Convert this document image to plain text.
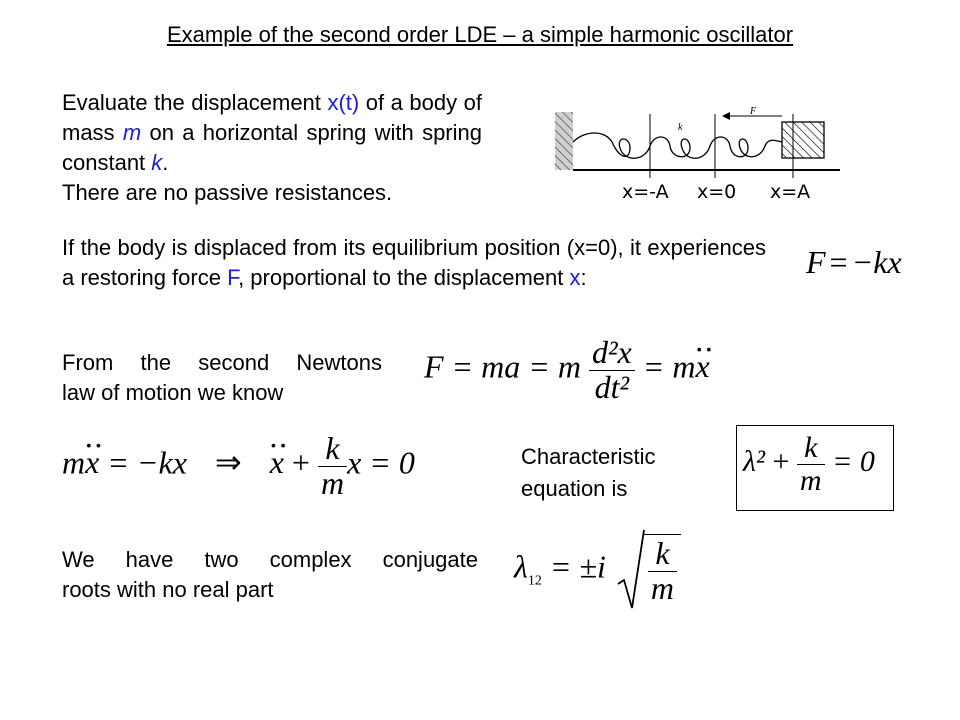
Example of the second order LDE – a simple harmonic oscillator
Evaluate the displacement x(t) of a body of mass m on a horizontal spring with spring constant k.
There are no passive resistances.
F
k
x=-A x=0 x=A
If the body is displaced from its equilibrium position (x=0), it experiences a restoring force F, proportional to the displacement x:	F = −kx
From the second Newtons
law of motion we know
F = ma = m $\frac{\text{d²x}}{\text{dt²}} = m\cdot\cdot x$
m·· x = −kx ⇒ ·· $x + \frac{k}{m}$ x = 0	Characteristic
equation is
$\lambda^2 + \frac{k}{m} = 0$
We have two complex conjugate
roots with no real part
$\lambda_{12} = \pm i \frac{k}{m}$
